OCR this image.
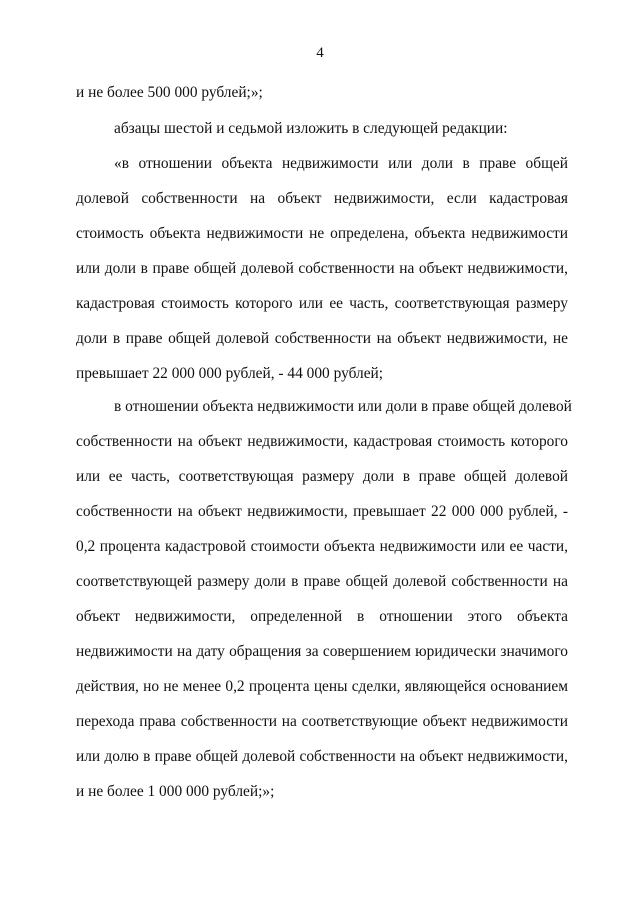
4
и не более 500 000 рублей;»;
абзацы шестой и седьмой изложить в следующей редакции:
«в отношении объекта недвижимости или доли в праве общей
долевой собственности на объект недвижимости, если кадастровая
стоимость объекта недвижимости не определена, объекта недвижимости
или доли в праве общей долевой собственности на объект недвижимости,
кадастровая стоимость которого или ее часть, соответствующая размеру
доли в праве общей долевой собственности на объект недвижимости, не
превышает 22 000 000 рублей, - 44 000 рублей;
в отношении объекта недвижимости или доли в праве общей долевой
собственности на объект недвижимости, кадастровая стоимость которого
или ее часть, соответствующая размеру доли в праве общей долевой
собственности на объект недвижимости, превышает 22 000 000 рублей, -
0,2 процента кадастровой стоимости объекта недвижимости или ее части,
соответствующей размеру доли в праве общей долевой собственности на
объект недвижимости, определенной в отношении этого объекта
недвижимости на дату обращения за совершением юридически значимого
действия, но не менее 0,2 процента цены сделки, являющейся основанием
перехода права собственности на соответствующие объект недвижимости
или долю в праве общей долевой собственности на объект недвижимости,
и не более 1 000 000 рублей;»;
